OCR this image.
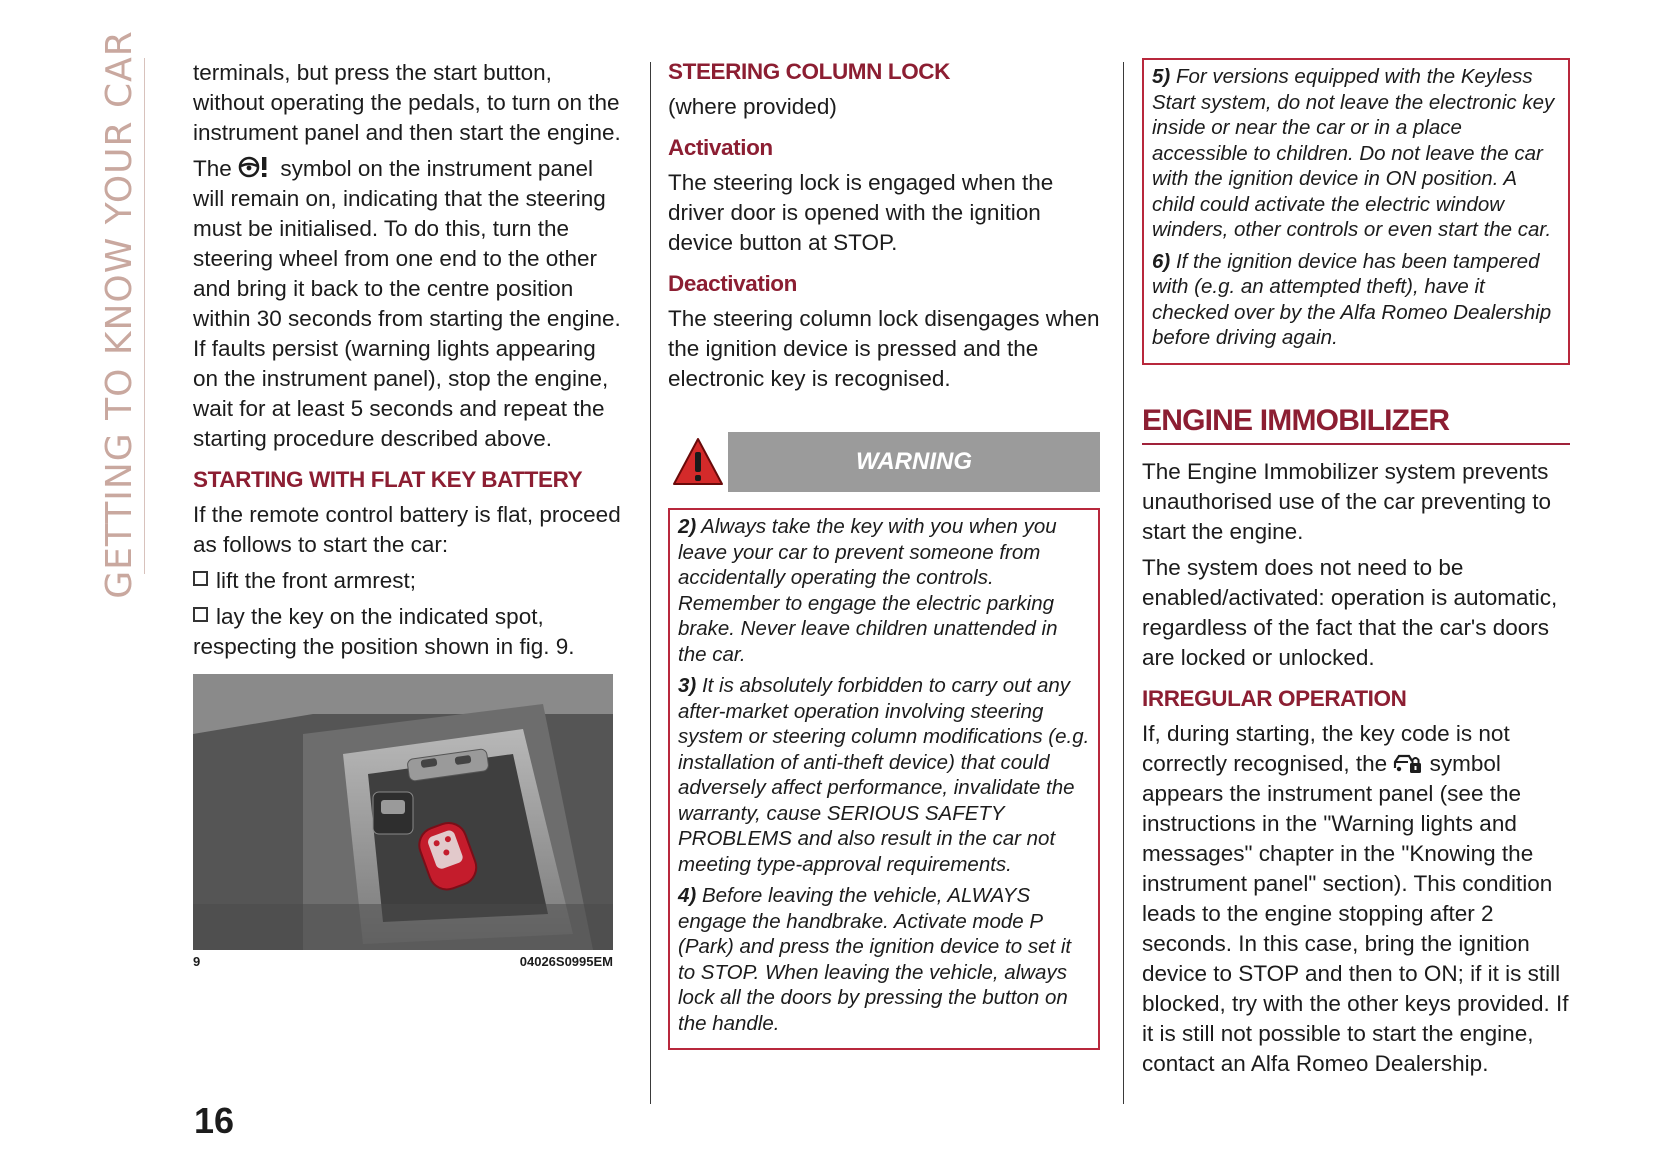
GETTING TO KNOW YOUR CAR terminals, but press the start button, without operating the pedals, to turn on the instrument panel and then start the engine.

The symbol on the instrument panel will remain on, indicating that the steering must be initialised. To do this, turn the steering wheel from one end to the other and bring it back to the centre position within 30 seconds from starting the engine. If faults persist (warning lights appearing on the instrument panel), stop the engine, wait for at least 5 seconds and repeat the starting procedure described above.

STARTING WITH FLAT KEY BATTERY

If the remote control battery is flat, proceed as follows to start the car:

lift the front armrest;
lay the key on the indicated spot, respecting the position shown in fig. 9.
9	04026S0995EM
STEERING COLUMN LOCK

(where provided)

Activation

The steering lock is engaged when the driver door is opened with the ignition device button at STOP.

Deactivation

The steering column lock disengages when the ignition device is pressed and the electronic key is recognised.

WARNING

2) Always take the key with you when you leave your car to prevent someone from accidentally operating the controls. Remember to engage the electric parking brake. Never leave children unattended in the car.

3) It is absolutely forbidden to carry out any after-market operation involving steering system or steering column modifications (e.g. installation of anti-theft device) that could adversely affect performance, invalidate the warranty, cause SERIOUS SAFETY PROBLEMS and also result in the car not meeting type-approval requirements.

4) Before leaving the vehicle, ALWAYS engage the handbrake. Activate mode P (Park) and press the ignition device to set it to STOP. When leaving the vehicle, always lock all the doors by pressing the button on the handle.

5) For versions equipped with the Keyless Start system, do not leave the electronic key inside or near the car or in a place accessible to children. Do not leave the car with the ignition device in ON position. A child could activate the electric window winders, other controls or even start the car.

6) If the ignition device has been tampered with (e.g. an attempted theft), have it checked over by the Alfa Romeo Dealership before driving again.

ENGINE IMMOBILIZER

The Engine Immobilizer system prevents unauthorised use of the car preventing to start the engine.

The system does not need to be enabled/activated: operation is automatic, regardless of the fact that the car's doors are locked or unlocked.

IRREGULAR OPERATION

If, during starting, the key code is not correctly recognised, the symbol appears the instrument panel (see the instructions in the "Warning lights and messages" chapter in the "Knowing the instrument panel" section). This condition leads to the engine stopping after 2 seconds. In this case, bring the ignition device to STOP and then to ON; if it is still blocked, try with the other keys provided. If it is still not possible to start the engine, contact an Alfa Romeo Dealership.

16
